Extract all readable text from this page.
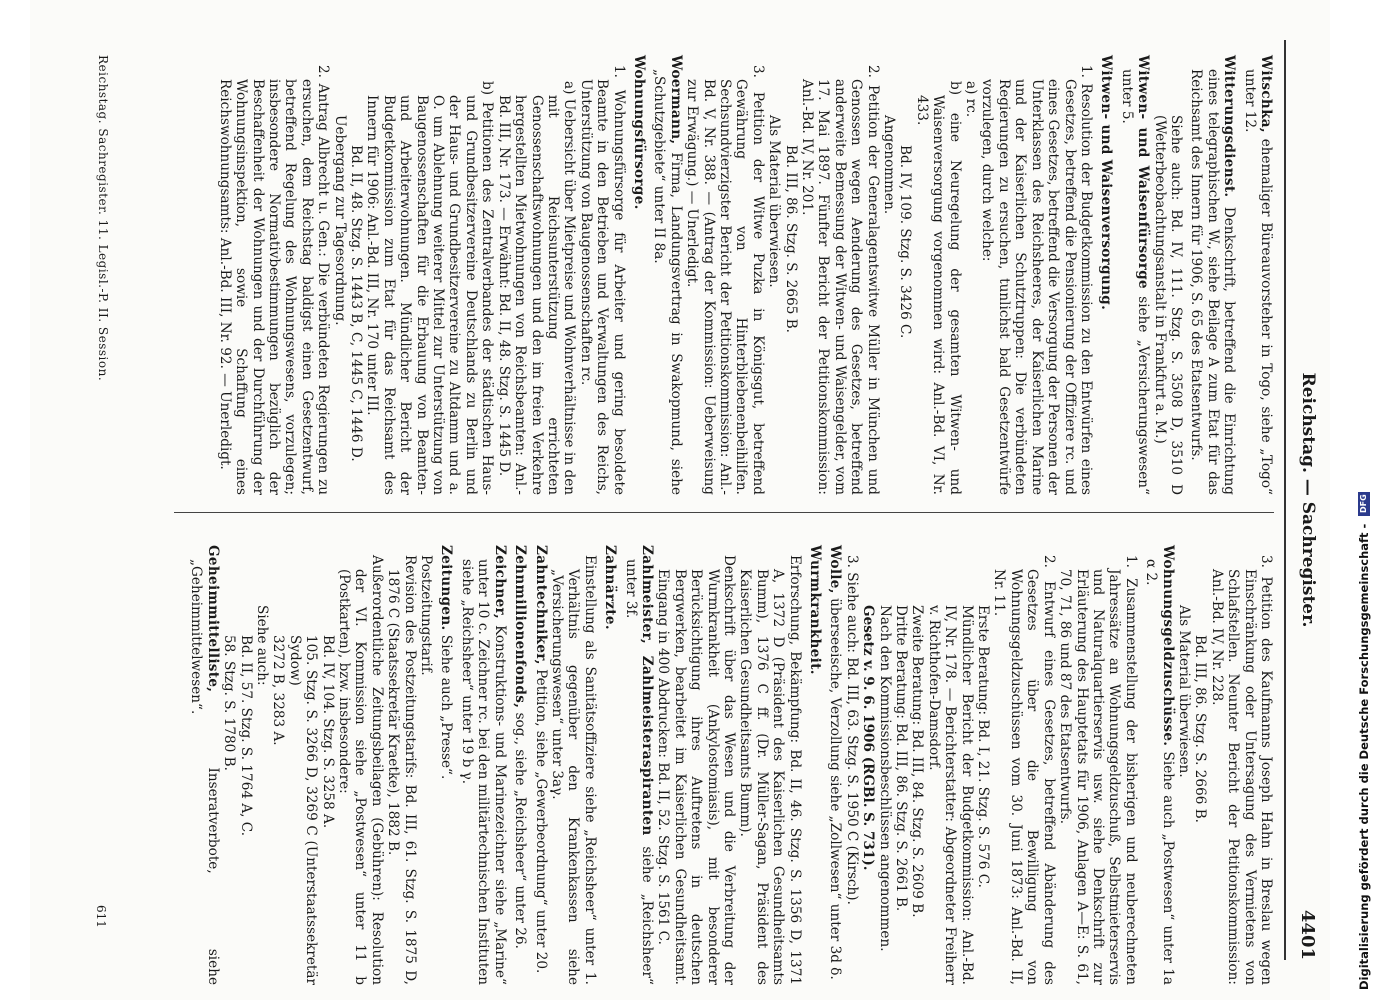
Reichstag. — Sachregister.
4401

Witschka, ehemaliger Büreauvorsteher in Togo, siehe „Togo“ unter 12.

Witterungsdienst. Denkschrift, betreffend die Einrichtung eines telegraphischen W., siehe Beilage A zum Etat für das Reichsamt des Innern für 1906, S. 65 des Etatsentwurfs.

Siehe auch: Bd. IV, 111. Stzg. S. 3508 D, 3510 D (Wetterbeobachtungsanstalt in Frankfurt a. M.)

Witwen- und Waisenfürsorge siehe „Versicherungswesen“ unter 5.

Witwen- und Waisenversorgung.

1. Resolution der Budgetkommission zu den Entwürfen eines Gesetzes, betreffend die Pensionierung der Offiziere rc. und eines Gesetzes, betreffend die Versorgung der Personen der Unterklassen des Reichsheeres, der Kaiserlichen Marine und der Kaiserlichen Schutztruppen: Die verbündeten Regierungen zu ersuchen, tunlichst bald Gesetzentwürfe vorzulegen, durch welche:

a) rc.

b) eine Neuregelung der gesamten Witwen- und Waisenversorgung vorgenommen wird: Anl.-Bd. VI, Nr. 433.

Bd. IV, 109. Stzg. S. 3426 C.

Angenommen.

2. Petition der Generalagentswitwe Müller in München und Genossen wegen Aenderung des Gesetzes, betreffend anderweite Bemessung der Witwen- und Waisengelder, vom 17. Mai 1897. Fünfter Bericht der Petitionskommission: Anl.-Bd. IV, Nr. 201.

Bd. III, 86. Stzg. S. 2665 B.

Als Material überwiesen.

3. Petition der Witwe Puzka in Königsgut, betreffend Gewährung von Hinterbliebenenbeihilfen. Sechsundvierzigster Bericht der Petitionskommission: Anl.-Bd. V, Nr. 388. — (Antrag der Kommission: Ueberweisung zur Erwägung.) — Unerledigt.

Woermann, Firma, Landungsvertrag in Swakopmund, siehe „Schutzgebiete“ unter II 8a.

Wohnungsfürsorge.

1. Wohnungsfürsorge für Arbeiter und gering besoldete Beamte in den Betrieben und Verwaltungen des Reichs, Unterstützung von Baugenossenschaften rc.

a) Uebersicht über Mietpreise und Wohnverhältnisse in den mit Reichsunterstützung errichteten Genossenschaftswohnungen und den im freien Verkehre hergestellten Mietwohnungen von Reichsbeamten: Anl.-Bd. III, Nr. 173. — Erwähnt: Bd. II, 48. Stzg. S. 1445 D.

b) Petitionen des Zentralverbandes der städtischen Haus- und Grundbesitzervereine Deutschlands zu Berlin und der Haus- und Grundbesitzervereine zu Altdamm und a. O. um Ablehnung weiterer Mittel zur Unterstützung von Baugenossenschaften für die Erbauung von Beamten- und Arbeiterwohnungen. Mündlicher Bericht der Budgetkommission zum Etat für das Reichsamt des Innern für 1906: Anl.-Bd. III, Nr. 170 unter III.

Bd. II, 48. Stzg. S. 1443 B, C, 1445 C, 1446 D.

Uebergang zur Tagesordnung.

2. Antrag Albrecht u. Gen.: Die verbündeten Regierungen zu ersuchen, dem Reichstag baldigst einen Gesetzentwurf, betreffend Regelung des Wohnungswesens, vorzulegen; insbesondere Normativbestimmungen bezüglich der Beschaffenheit der Wohnungen und der Durchführung der Wohnungsinspektion, sowie Schaffung eines Reichswohnungsamts: Anl.-Bd. III, Nr. 92. — Unerledigt.

3. Petition des Kaufmanns Joseph Hahn in Breslau wegen Einschränkung oder Untersagung des Vermietens von Schlafstellen. Neunter Bericht der Petitionskommission: Anl.-Bd. IV, Nr. 228.

Bd. III, 86. Stzg. S. 2666 B.

Als Material überwiesen.

Wohnungsgeldzuschüsse. Siehe auch „Postwesen“ unter 1a α 2.

1. Zusammenstellung der bisherigen und neuberechneten Jahressätze an Wohnungsgeldzuschuß, Selbstmieterservis und Naturalquartierservis usw. siehe Denkschrift zur Erläuterung des Hauptetats für 1906, Anlagen A—E: S. 61, 70, 71, 86 und 87 des Etatsentwurfs.

2. Entwurf eines Gesetzes, betreffend Abänderung des Gesetzes über die Bewilligung von Wohnungsgeldzuschüssen vom 30. Juni 1873: Anl.-Bd. II, Nr. 11.

Erste Beratung: Bd. I, 21. Stzg. S. 576 C.

Mündlicher Bericht der Budgetkommission: Anl.-Bd. IV, Nr. 178. — Berichterstatter: Abgeordneter Freiherr v. Richthofen-Damsdorf.

Zweite Beratung: Bd. III, 84. Stzg. S. 2609 B.

Dritte Beratung: Bd. III, 86. Stzg. S. 2661 B.

Nach den Kommissionsbeschlüssen angenommen.

Gesetz v. 9. 6. 1906 (RGBl. S. 731).

3. Siehe auch: Bd. III, 63. Stzg. S. 1950 C (Kirsch).

Wolle, überseeische, Verzollung siehe „Zollwesen“ unter 3d δ.

Wurmkrankheit.

Erforschung, Bekämpfung: Bd. II, 46. Stzg. S. 1356 D, 1371 A, 1372 D (Präsident des Kaiserlichen Gesundheitsamts Bumm), 1376 C ff. (Dr. Müller-Sagan, Präsident des Kaiserlichen Gesundheitsamts Bumm).

Denkschrift über das Wesen und die Verbreitung der Wurmkrankheit (Ankylostomiasis), mit besonderer Berücksichtigung ihres Auftretens in deutschen Bergwerken, bearbeitet im Kaiserlichen Gesundheitsamt. Eingang in 400 Abdrucken: Bd. II, 52. Stzg. S. 1561 C.

Zahlmeister, Zahlmeisteraspiranten siehe „Reichsheer“ unter 3f.

Zahnärzte.

Einstellung als Sanitätsoffiziere siehe „Reichsheer“ unter 1. Verhältnis gegenüber den Krankenkassen siehe „Versicherungswesen“ unter 3aγ.

Zahntechniker, Petition, siehe „Gewerbeordnung“ unter 20.

Zehnmillionenfonds, sog., siehe „Reichsheer“ unter 26.

Zeichner, Konstruktions- und Marinezeichner siehe „Marine“ unter 10 c. Zeichner rc. bei den militärtechnischen Instituten siehe „Reichsheer“ unter 19 b γ.

Zeitungen. Siehe auch „Presse“.

Postzeitungstarif.

Revision des Postzeitungstarifs: Bd. III, 61. Stzg. S. 1875 D, 1876 C (Staatssekretär Kraetke), 1882 B.

Außerordentliche Zeitungsbeilagen (Gebühren): Resolution der VI. Kommission siehe „Postwesen“ unter 11 b (Postkarten), bzw. insbesondere:

Bd. IV, 104. Stzg. S. 3258 A.

105. Stzg. S. 3266 D, 3269 C (Unterstaatssekretär Sydow)

3272 B, 3283 A.

Siehe auch:

Bd. II, 57. Stzg. S. 1764 A, C.

58. Stzg. S. 1780 B.

Geheimmittelliste, Inseratverbote, siehe „Geheimmittelwesen“.

Reichstag. Sachregister. 11. Legisl.-P. II. Session.
611	Digitalisierung gefördert durch die Deutsche Forschungsgemeinschaft -
DFG
